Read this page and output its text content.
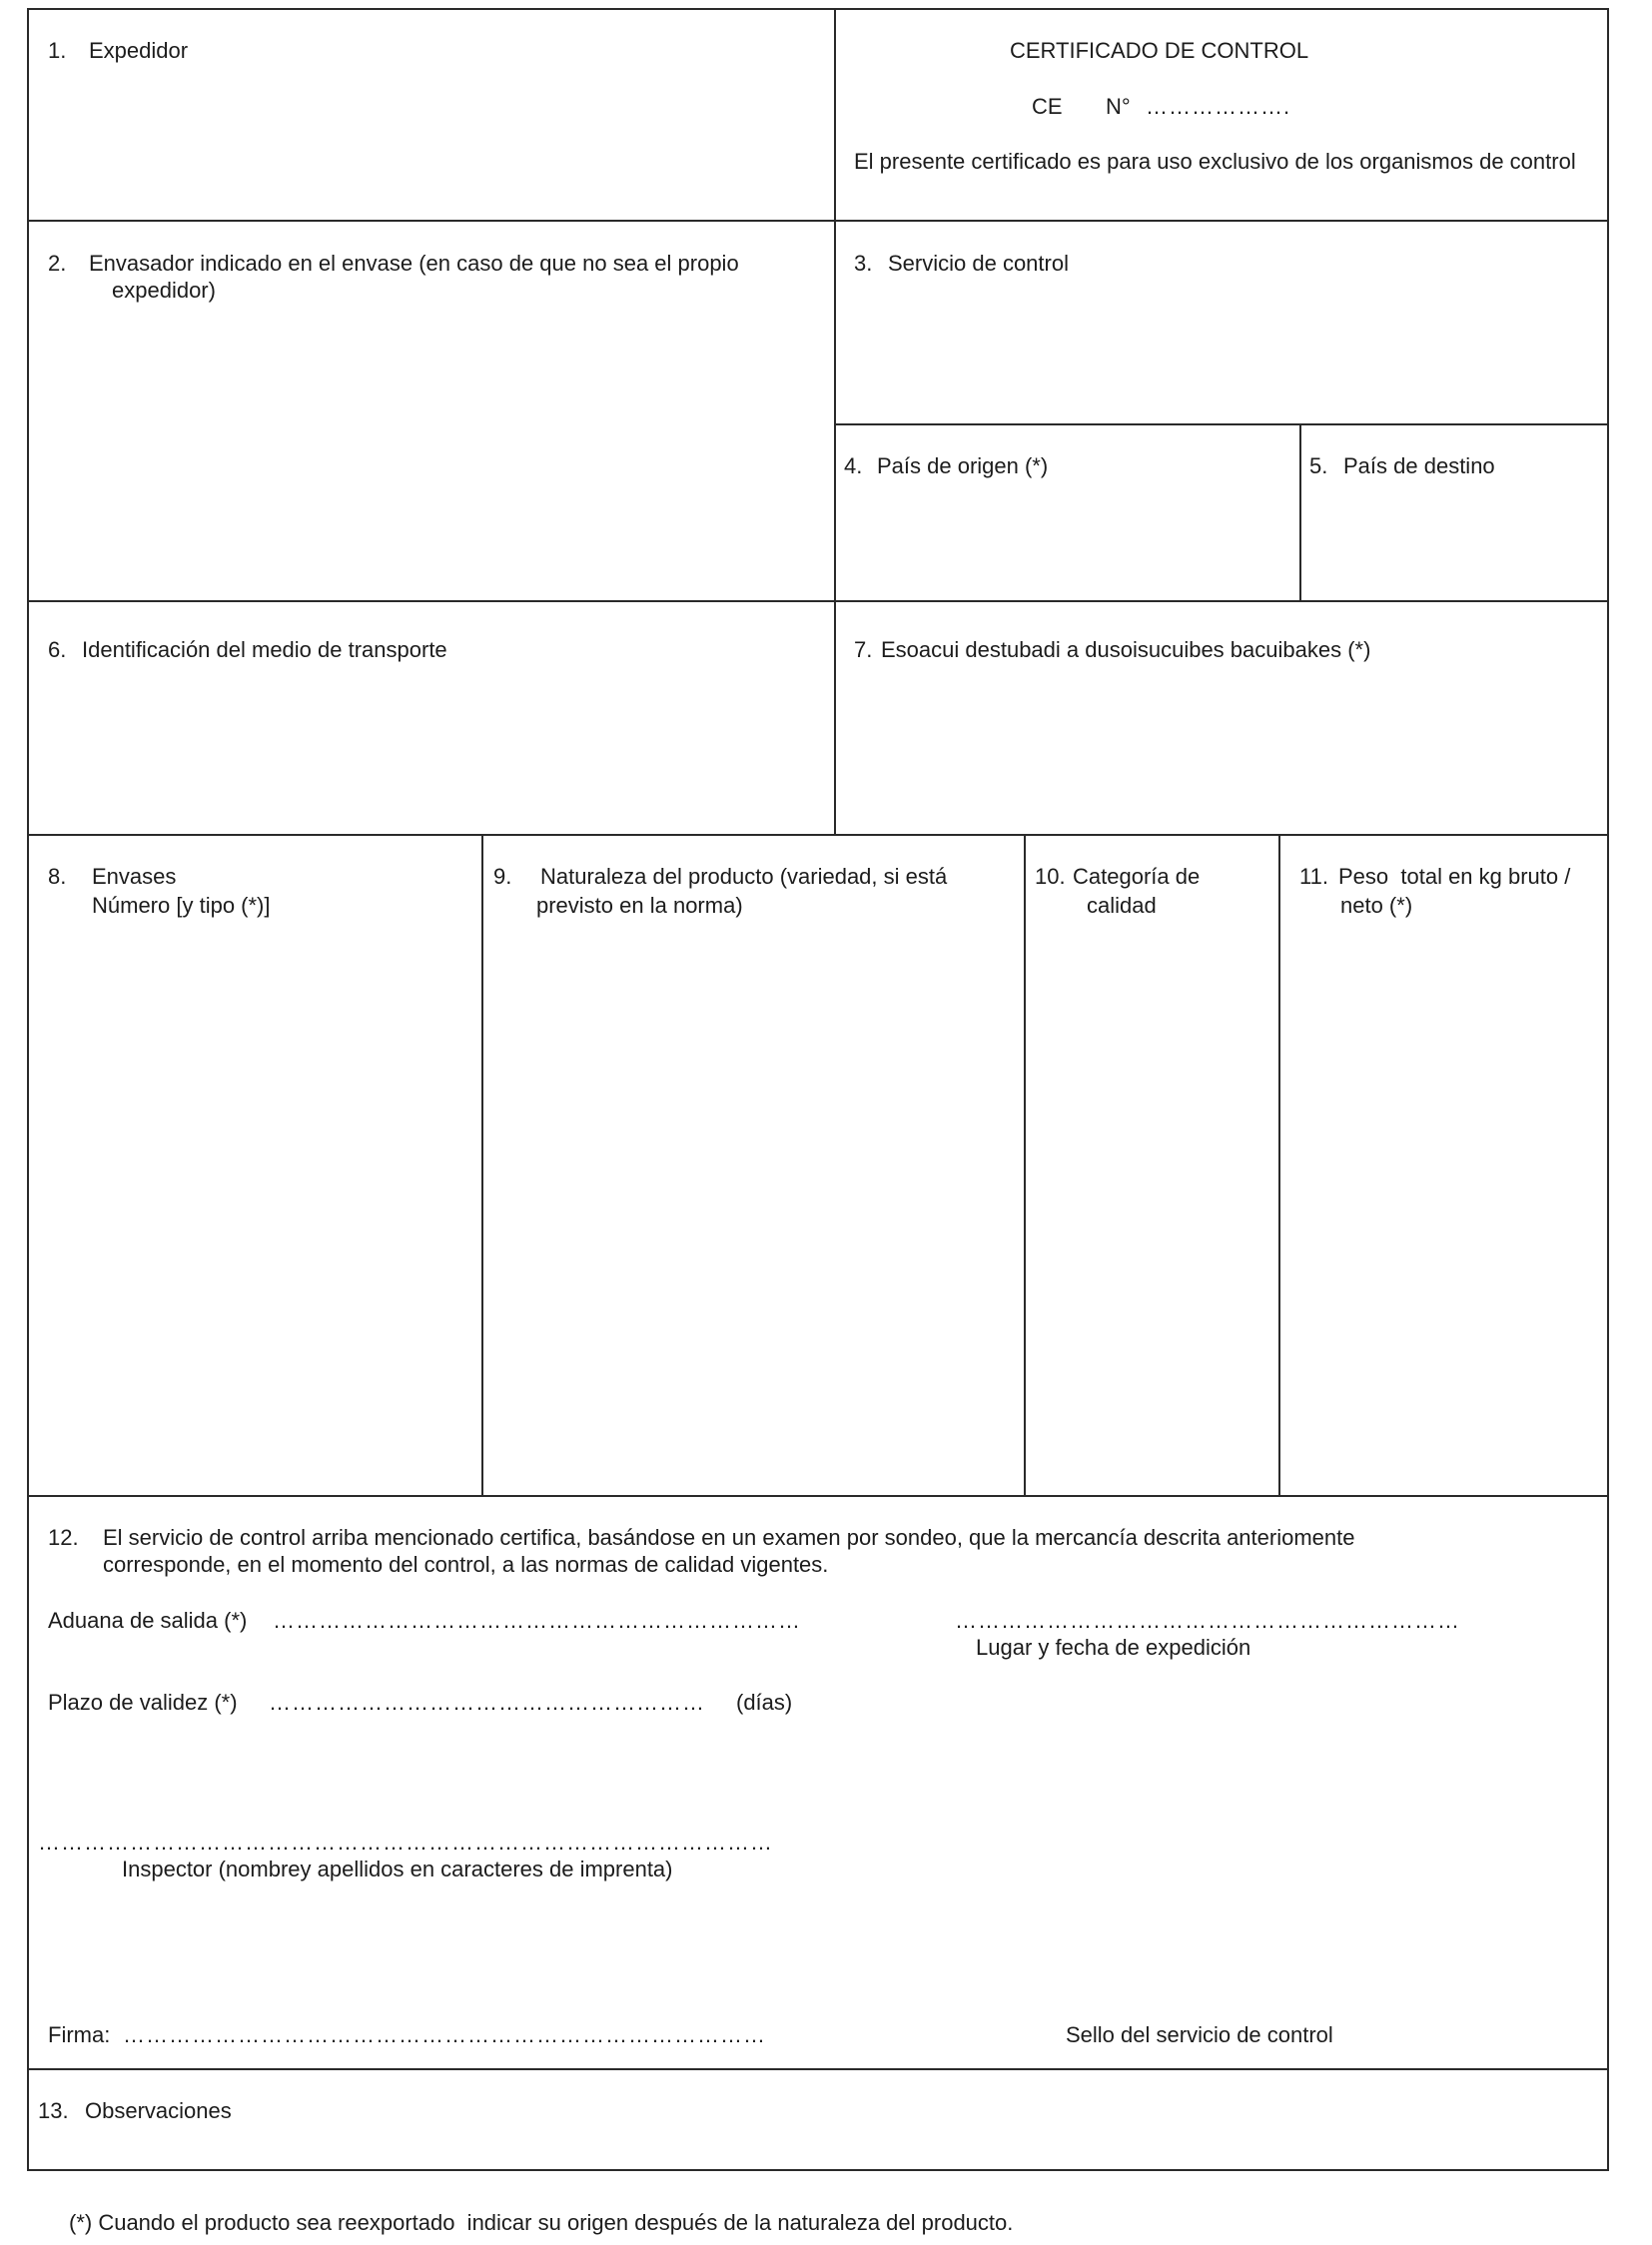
1. Expedidor	CERTIFICADO DE CONTROL
CE N° ……………….
El presente certificado es para uso exclusivo de los organismos de control
2. Envasador indicado en el envase (en caso de que no sea el propio
expedidor)
3. Servicio de control
4. País de origen (*)	5. País de destino
6. Identificación del medio de transporte	7. Esoacui destubadi a dusoisucuibes bacuibakes (*)
8. Envases
Número [y tipo (*)]
9. Naturaleza del producto (variedad, si está
previsto en la norma)
10. Categoría de
calidad
11. Peso  total en kg bruto /
neto (*)
12. El servicio de control arriba mencionado certifica, basándose en un examen por sondeo, que la mercancía descrita anteriomente
corresponde, en el momento del control, a las normas de calidad vigentes.
Aduana de salida (*) ……………………………………………………………	…………………………………………………………
Lugar y fecha de expedición
Plazo de validez (*) ………………………………………………… (días)
……………………………………………………………………………………
Inspector (nombrey apellidos en caracteres de imprenta)
Firma: …………………………………………………………………………	Sello del servicio de control
13. Observaciones
(*) Cuando el producto sea reexportado  indicar su origen después de la naturaleza del producto.
